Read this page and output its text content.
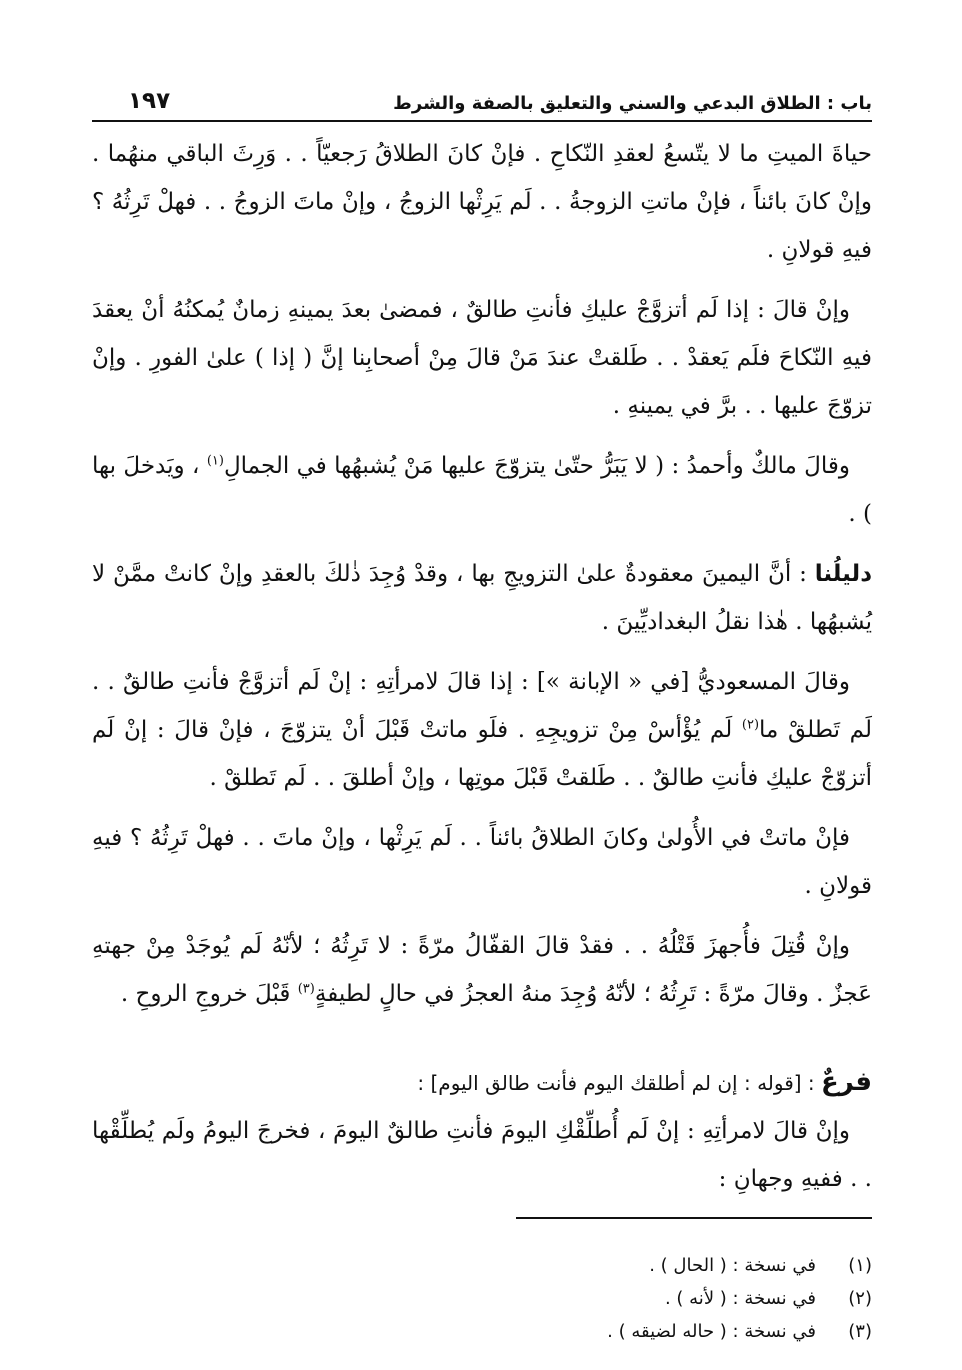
باب : الطلاق البدعي والسني والتعليق بالصفة والشرط
١٩٧

حياةَ الميتِ ما لا يتّسعُ لعقدِ النّكاحِ . فإنْ كانَ الطلاقُ رَجعيّاً . . وَرِثَ الباقي منهُما . وإنْ كانَ بائناً ، فإنْ ماتتِ الزوجةُ . . لَم يَرِثْها الزوجُ ، وإنْ ماتَ الزوجُ . . فهلْ تَرِثُهُ ؟ فيهِ قولانِ .

وإنْ قالَ : إذا لَم أتزوَّجْ عليكِ فأنتِ طالقٌ ، فمضىٰ بعدَ يمينهِ زمانٌ يُمكنُهُ أنْ يعقدَ فيهِ النّكاحَ فلَم يَعقدْ . . طَلقتْ عندَ مَنْ قالَ مِنْ أصحابِنا إنَّ ( إذا ) علىٰ الفورِ . وإنْ تزوّجَ عليها . . برَّ في يمينهِ .

وقالَ مالكٌ وأحمدُ : ( لا يَبَرُّ حتّىٰ يتزوّجَ عليها مَنْ يُشبهُها في الجمالِ$^{(١)}$ ، ويَدخلَ بها ) .

دليلُنا : أنَّ اليمينَ معقودةٌ علىٰ التزويجِ بها ، وقدْ وُجِدَ ذٰلكَ بالعقدِ وإنْ كانتْ ممَّنْ لا يُشبهُها . هٰذا نقلُ البغداديِّينَ .

وقالَ المسعوديُّ [في « الإبانة »] : إذا قالَ لامرأتِهِ : إنْ لَم أتزوَّجْ فأنتِ طالقٌ . . لَم تَطلقْ ما$^{(٢)}$ لَم يُؤْأسْ مِنْ تزويجِهِ . فلَو ماتتْ قَبْلَ أنْ يتزوّجَ ، فإنْ قالَ : إنْ لَم أتزوّجْ عليكِ فأنتِ طالقٌ . . طَلقتْ قَبْلَ موتِها ، وإنْ أطلقَ . . لَم تَطلقْ .

فإنْ ماتتْ في الأُولىٰ وكانَ الطلاقُ بائناً . . لَم يَرِثْها ، وإنْ ماتَ . . فهلْ تَرِثُهُ ؟ فيهِ قولانِ .

وإنْ قُتِلَ فأُجهزَ قَتْلُهُ . . فقدْ قالَ القفّالُ مرّةً : لا تَرِثُهُ ؛ لأنّهُ لَم يُوجَدْ مِنْ جهتهِ عَجزٌ . وقالَ مرّةً : تَرِثُهُ ؛ لأنّهُ وُجِدَ منهُ العجزُ في حالٍ لطيفةٍ$^{(٣)}$ قَبْلَ خروجِ الروحِ .

فرعٌ : [قوله : إن لم أطلقك اليوم فأنت طالق اليوم] :

وإنْ قالَ لامرأتِهِ : إنْ لَم أُطلِّقْكِ اليومَ فأنتِ طالقٌ اليومَ ، فخرجَ اليومُ ولَم يُطلِّقْها . . ففيهِ وجهانِ :

(١)
في نسخة : ( الحال ) .
(٢)
في نسخة : ( لأنه ) .
(٣)
في نسخة : ( حاله لضيقه ) .
